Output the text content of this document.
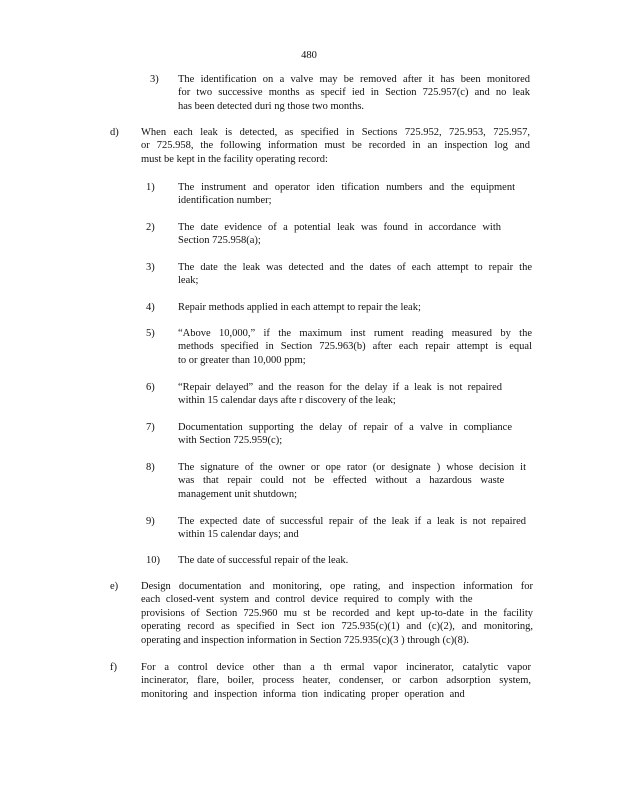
480
3) The identification on a valve may be removed after it has been monitored
for two successive months as specif ied in Section 725.957(c) and no leak
has been detected duri ng those two months.
d) When each leak is detected, as specified in Sections 725.952, 725.953, 725.957,
or 725.958, the following information must be recorded in an inspection log and
must be kept in the facility operating record:
1) The instrument and operator iden tification numbers and the equipment
identification number;
2) The date evidence of a potential leak was found in accordance with
Section 725.958(a);
3) The date the leak was detected and the dates of each attempt to repair the
leak;
4) Repair methods applied in each attempt to repair the leak;
5) “Above 10,000,” if the maximum inst rument reading measured by the
methods specified in Section 725.963(b) after each repair attempt is equal
to or greater than 10,000 ppm;
6) “Repair delayed” and the reason for the delay if a leak is not repaired
within 15 calendar days afte r discovery of the leak;
7) Documentation supporting the delay of repair of a valve in compliance
with Section 725.959(c);
8) The signature of the owner or ope rator (or designate ) whose decision it
was that repair could not be effected without a hazardous waste
management unit shutdown;
9) The expected date of successful repair of the leak if a leak is not repaired
within 15 calendar days; and
10) The date of successful repair of the leak.
e) Design documentation and monitoring, ope rating, and inspection information for
each closed-vent system and control device required to comply with the
provisions of Section 725.960 mu st be recorded and kept up-to-date in the facility
operating record as specified in Sect ion 725.935(c)(1) and (c)(2), and monitoring,
operating and inspection information in Section 725.935(c)(3 ) through (c)(8).
f) For a control device other than a th ermal vapor incinerator, catalytic vapor
incinerator, flare, boiler, process heater, condenser, or carbon adsorption system,
monitoring and inspection informa tion indicating proper operation and
